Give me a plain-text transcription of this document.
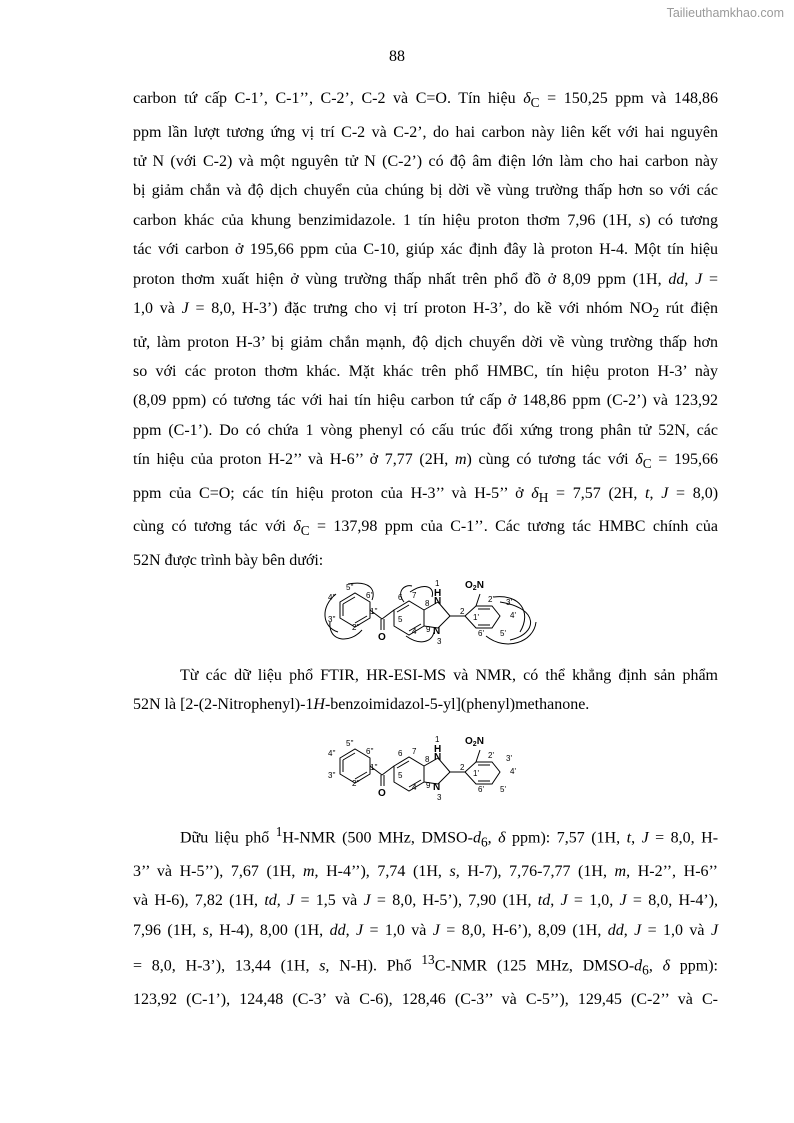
Tailieuthamkhao.com
88
carbon tứ cấp C-1’, C-1’’, C-2’, C-2 và C=O. Tín hiệu $\delta_C = 150,25$ ppm và 148,86
ppm lần lượt tương ứng vị trí C-2 và C-2’, do hai carbon này liên kết với hai nguyên
tử N (với C-2) và một nguyên tử N (C-2’) có độ âm điện lớn làm cho hai carbon này
bị giảm chắn và độ dịch chuyển của chúng bị dời về vùng trường thấp hơn so với các
carbon khác của khung benzimidazole. 1 tín hiệu proton thơm 7,96 (1H, s) có tương
tác với carbon ở 195,66 ppm của C-10, giúp xác định đây là proton H-4. Một tín hiệu
proton thơm xuất hiện ở vùng trường thấp nhất trên phổ đồ ở 8,09 ppm (1H, dd, J =
1,0 và J = 8,0, H-3’) đặc trưng cho vị trí proton H-3’, do kề với nhóm $NO_2$ rút điện
tử, làm proton H-3’ bị giảm chắn mạnh, độ dịch chuyển dời về vùng trường thấp hơn
so với các proton thơm khác. Mặt khác trên phổ HMBC, tín hiệu proton H-3’ này
(8,09 ppm) có tương tác với hai tín hiệu carbon tứ cấp ở 148,86 ppm (C-2’) và 123,92
ppm (C-1’). Do có chứa 1 vòng phenyl có cấu trúc đối xứng trong phân tử 52N, các
tín hiệu của proton H-2’’ và H-6’’ ở 7,77 (2H, m) cùng có tương tác với $\delta_C = 195,66$
ppm của C=O; các tín hiệu proton của H-3’’ và H-5’’ ở $\delta_H = 7,57$ (2H, t, J = 8,0)
cùng có tương tác với $\delta_C = 137,98$ ppm của C-1’’. Các tương tác HMBC chính của
52N được trình bày bên dưới:
1
H
N
N
3
2
$O_2N$
O
6 7
8
9
5
4
1'
2' 3'
4'
5'
6'
1''
2''
3''
4''
5''
6''
Từ các dữ liệu phổ FTIR, HR-ESI-MS và NMR, có thể khẳng định sản phẩm
52N là [2-(2-Nitrophenyl)-1H-benzoimidazol-5-yl](phenyl)methanone.
1
H
N
N
3
2
$O_2N$
O
6 7
8
9
5
4
1'
2' 3'
4'
5'
6'
1''
2''
3''
4''
5''
6''
Dữu liệu phổ $^1$H-NMR (500 MHz, DMSO-$d_6$, δ ppm): 7,57 (1H, t, J = 8,0, H-
3’’ và H-5’’), 7,67 (1H, m, H-4’’), 7,74 (1H, s, H-7), 7,76-7,77 (1H, m, H-2’’, H-6’’
và H-6), 7,82 (1H, td, J = 1,5 và J = 8,0, H-5’), 7,90 (1H, td, J = 1,0, J = 8,0, H-4’),
7,96 (1H, s, H-4), 8,00 (1H, dd, J = 1,0 và J = 8,0, H-6’), 8,09 (1H, dd, J = 1,0 và J
= 8,0, H-3’), 13,44 (1H, s, N-H). Phổ $^{13}$C-NMR (125 MHz, DMSO-$d_6$, δ ppm):
123,92 (C-1’), 124,48 (C-3’ và C-6), 128,46 (C-3’’ và C-5’’), 129,45 (C-2’’ và C-
